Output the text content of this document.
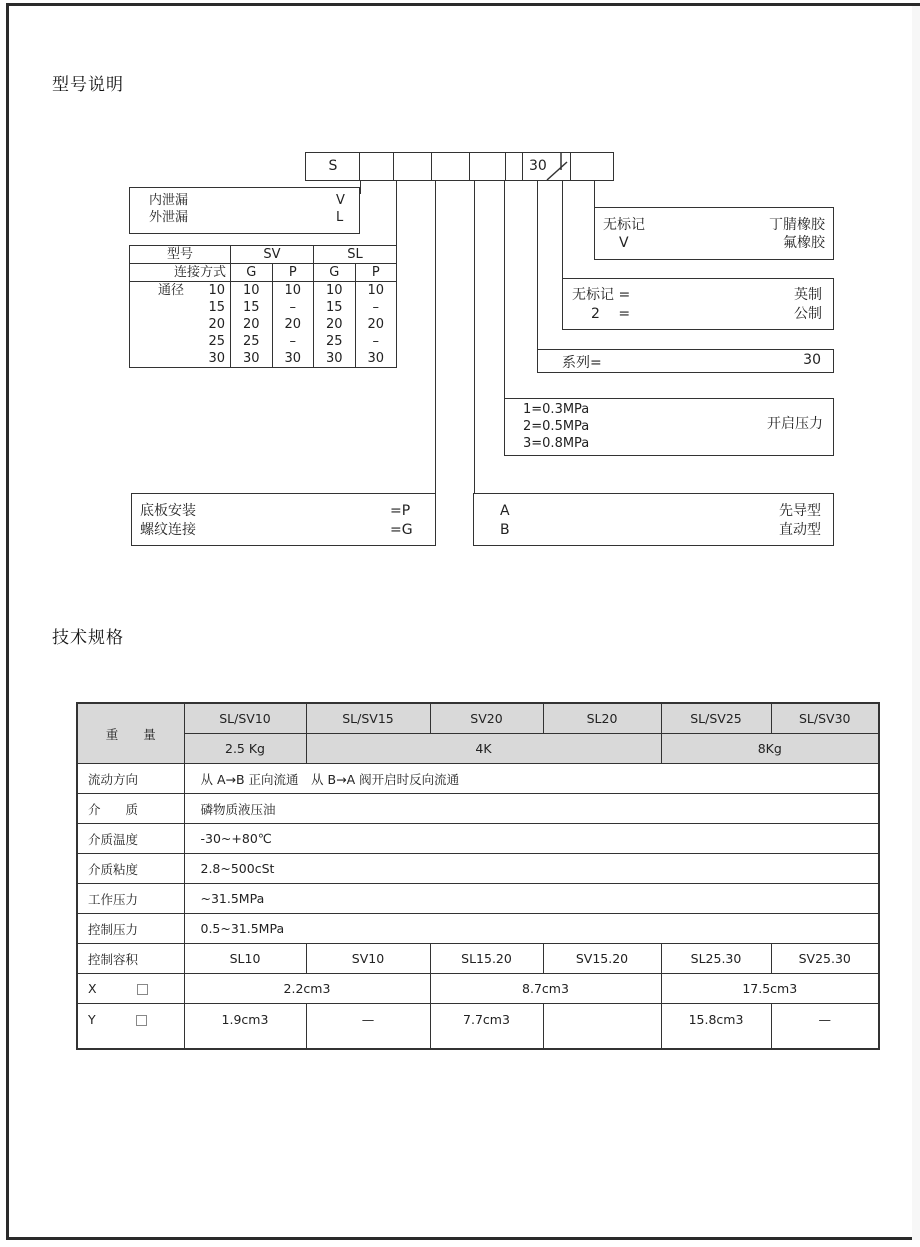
型号说明
S	30
内泄漏	V
外泄漏	L
型号	SV		SL	
连接方式	G	P	G	P

通径 10	10	10	10	10
15	15	–	15	–
20	20	20	20	20
25	25	–	25	–
30	30	30	30	30
无标记	丁腈橡胶
V	氟橡胶
无标记 =	英制
2　 =	公制
系列=	30
1=0.3MPa
2=0.5MPa
3=0.8MPa
开启压力
底板安装	=P
螺纹连接	=G
A	先导型
B	直动型
技术规格
重　　量	SL/SV10	SL/SV15	SV20	SL20	SL/SV25	SL/SV30
	2.5 Kg	4K			8Kg	
流动方向	从 A→B 正向流通　从 B→A 阀开启时反向流通					
介　　质	磷物质液压油					
介质温度	-30~+80℃					
介质粘度	2.8~500cSt					
工作压力	~31.5MPa					
控制压力	0.5~31.5MPa					
控制容积	SL10	SV10	SL15.20	SV15.20	SL25.30	SV25.30
X	2.2cm3		8.7cm3		17.5cm3	
Y	1.9cm3	—	7.7cm3		15.8cm3	—
